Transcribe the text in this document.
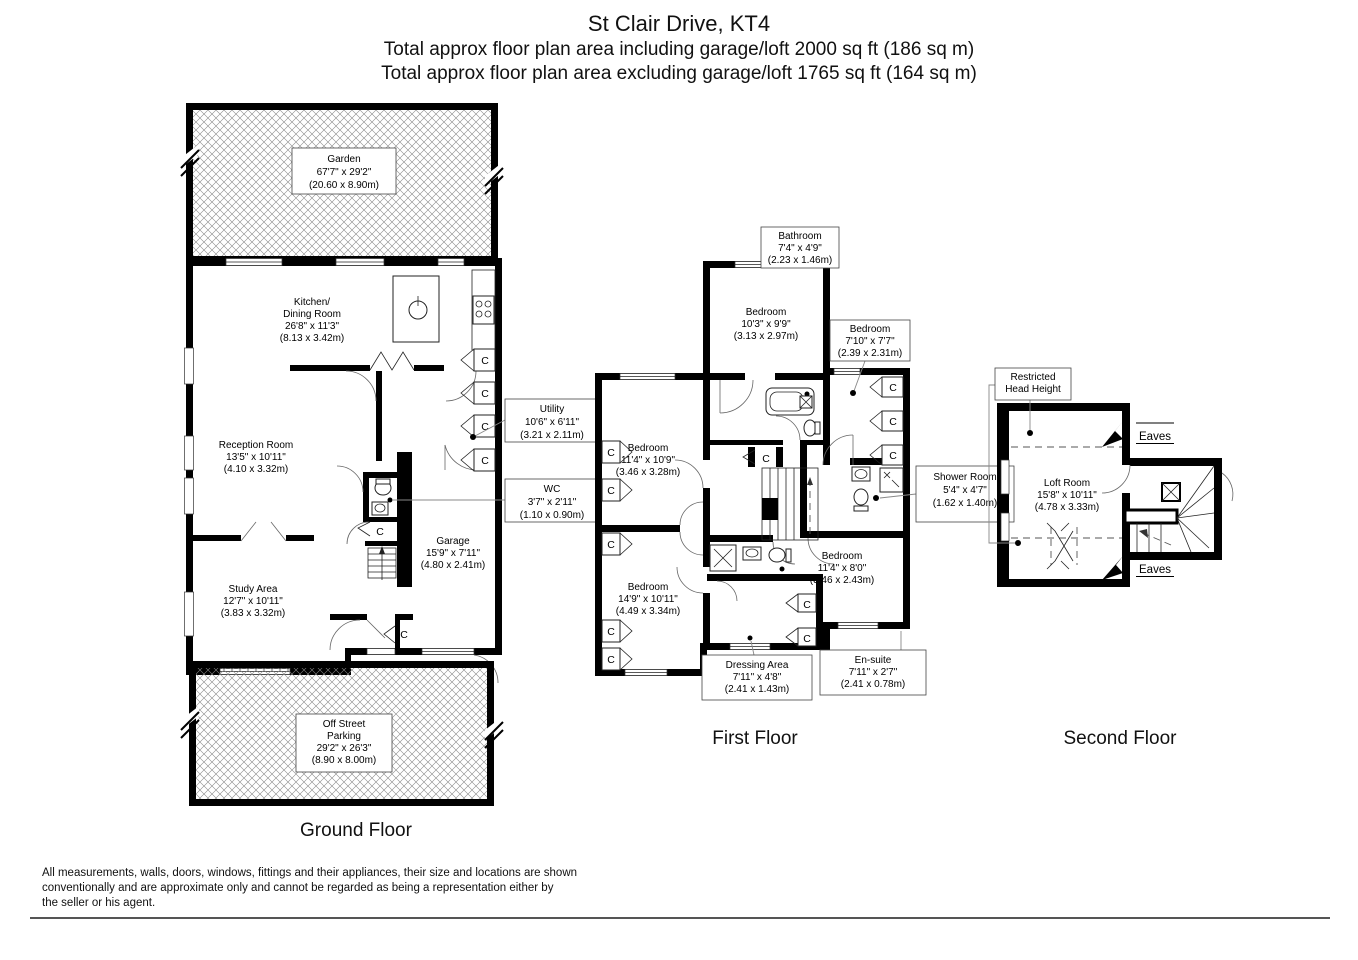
St Clair Drive, KT4
Total approx floor plan area including garage/loft 2000 sq ft (186 sq m)
Total approx floor plan area excluding garage/loft 1765 sq ft (164 sq m)
Garden
67'7" x 29'2"
(20.60 x 8.90m)
Kitchen/
Dining Room
26'8" x 11'3"
(8.13 x 3.42m)
C
C
C
C
C
C
Reception Room
13'5" x 10'11"
(4.10 x 3.32m)
Study Area
12'7" x 10'11"
(3.83 x 3.32m)
Garage
15'9" x 7'11"
(4.80 x 2.41m)
Utility
10'6" x 6'11"
(3.21 x 2.11m)
WC
3'7" x 2'11"
(1.10 x 0.90m)
Off Street
Parking
29'2" x 26'3"
(8.90 x 8.00m)
C
C
C
C
C
C
C
C
C
C
C
Bathroom
7'4" x 4'9"
(2.23 x 1.46m)
Bedroom
10'3" x 9'9"
(3.13 x 2.97m)
Bedroom
7'10" x 7'7"
(2.39 x 2.31m)
Bedroom
11'4" x 10'9"
(3.46 x 3.28m)
Bedroom
14'9" x 10'11"
(4.49 x 3.34m)
Bedroom
11'4" x 8'0"
(3.46 x 2.43m)
Shower Room
5'4" x 4'7"
(1.62 x 1.40m)
Dressing Area
7'11" x 4'8"
(2.41 x 1.43m)
En-suite
7'11" x 2'7"
(2.41 x 0.78m)
Restricted
Head Height
Eaves
Eaves
Loft Room
15'8" x 10'11"
(4.78 x 3.33m)
Ground Floor
First Floor	Second Floor
All measurements, walls, doors, windows, fittings and their appliances, their size and locations are shown
conventionally and are approximate only and cannot be regarded as being a representation either by
the seller or his agent.
